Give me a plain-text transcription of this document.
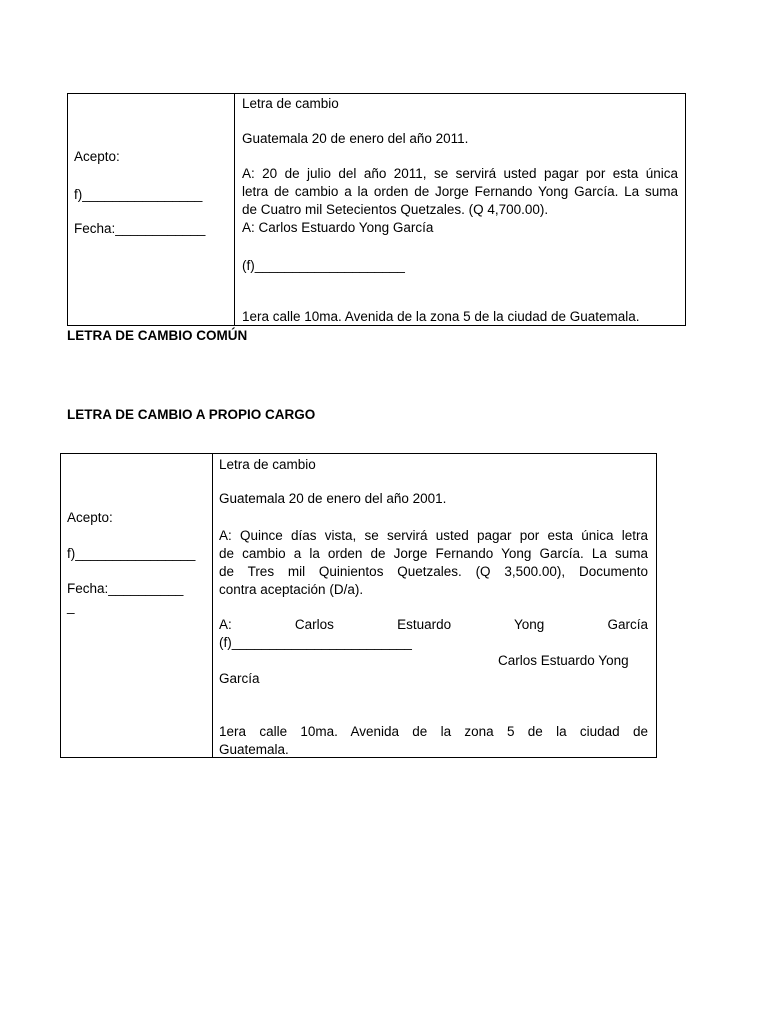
Acepto:
f)________________
Fecha:____________
Letra de cambio
Guatemala 20 de enero del año 2011.
A: 20 de julio del año 2011, se servirá usted pagar por esta única
letra de cambio a la orden de Jorge Fernando Yong García. La suma
de Cuatro mil Setecientos Quetzales. (Q 4,700.00).
A: Carlos Estuardo Yong García
(f)____________________
1era calle 10ma. Avenida de la zona 5 de la ciudad de Guatemala.
LETRA DE CAMBIO COMÚN
LETRA DE CAMBIO A PROPIO CARGO
Acepto:
f)________________
Fecha:__________
_
Letra de cambio
Guatemala 20 de enero del año 2001.
A: Quince días vista, se servirá usted pagar por esta única letra
de cambio a la orden de Jorge Fernando Yong García. La suma
de Tres mil Quinientos Quetzales. (Q 3,500.00), Documento
contra aceptación (D/a).
A: Carlos Estuardo Yong García
(f)________________________
Carlos Estuardo Yong
García
1era calle 10ma. Avenida de la zona 5 de la ciudad de
Guatemala.
